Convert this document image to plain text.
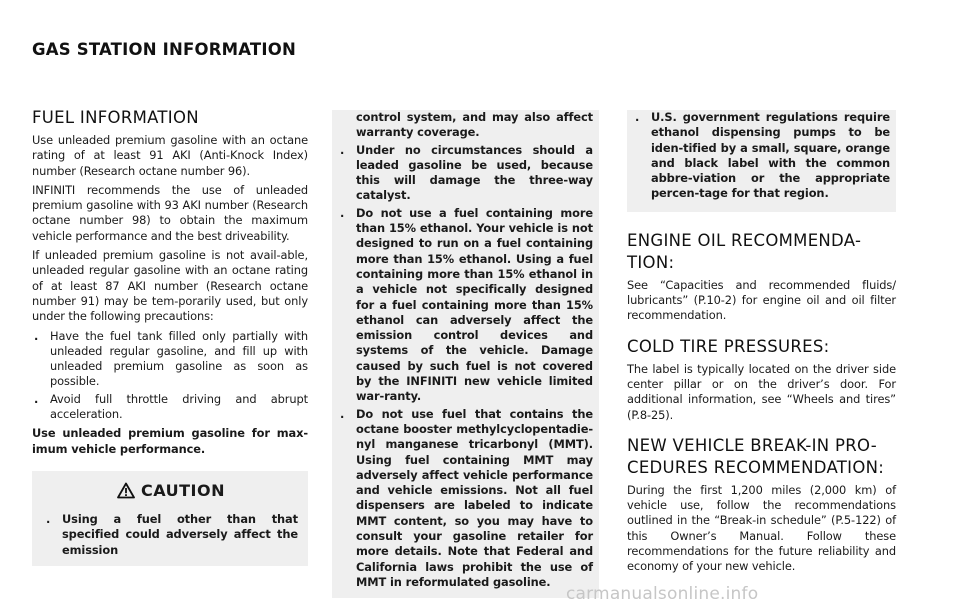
GAS STATION INFORMATION
FUEL INFORMATION

Use unleaded premium gasoline with an octane rating of at least 91 AKI (Anti-Knock Index) number (Research octane number 96).

INFINITI recommends the use of unleaded premium gasoline with 93 AKI number (Research octane number 98) to obtain the maximum vehicle performance and the best driveability.

If unleaded premium gasoline is not avail-able, unleaded regular gasoline with an octane rating of at least 87 AKI number (Research octane number 91) may be tem-porarily used, but only under the following precautions:

. Have the fuel tank filled only partially with unleaded regular gasoline, and fill up with unleaded premium gasoline as soon as possible.
. Avoid full throttle driving and abrupt acceleration.

Use unleaded premium gasoline for max-imum vehicle performance.

CAUTION
. Using a fuel other than that specified could adversely affect the emission
control system, and may also affect warranty coverage.
. Under no circumstances should a leaded gasoline be used, because this will damage the three-way catalyst.
. Do not use a fuel containing more than 15% ethanol. Your vehicle is not designed to run on a fuel containing more than 15% ethanol. Using a fuel containing more than 15% ethanol in a vehicle not specifically designed for a fuel containing more than 15% ethanol can adversely affect the emission control devices and systems of the vehicle. Damage caused by such fuel is not covered by the INFINITI new vehicle limited war-ranty.
. Do not use fuel that contains the octane booster methylcyclopentadie-nyl manganese tricarbonyl (MMT). Using fuel containing MMT may adversely affect vehicle performance and vehicle emissions. Not all fuel dispensers are labeled to indicate MMT content, so you may have to consult your gasoline retailer for more details. Note that Federal and California laws prohibit the use of MMT in reformulated gasoline.
. U.S. government regulations require ethanol dispensing pumps to be iden-tified by a small, square, orange and black label with the common abbre-viation or the appropriate percen-tage for that region.
ENGINE OIL RECOMMENDA-
TION:

See “Capacities and recommended fluids/ lubricants” (P.10-2) for engine oil and oil filter recommendation.

COLD TIRE PRESSURES:

The label is typically located on the driver side center pillar or on the driver’s door. For additional information, see “Wheels and tires” (P.8-25).

NEW VEHICLE BREAK-IN PRO-
CEDURES RECOMMENDATION:

During the first 1,200 miles (2,000 km) of vehicle use, follow the recommendations outlined in the “Break-in schedule” (P.5-122) of this Owner’s Manual. Follow these recommendations for the future reliability and economy of your new vehicle.

carmanualsonline.info
